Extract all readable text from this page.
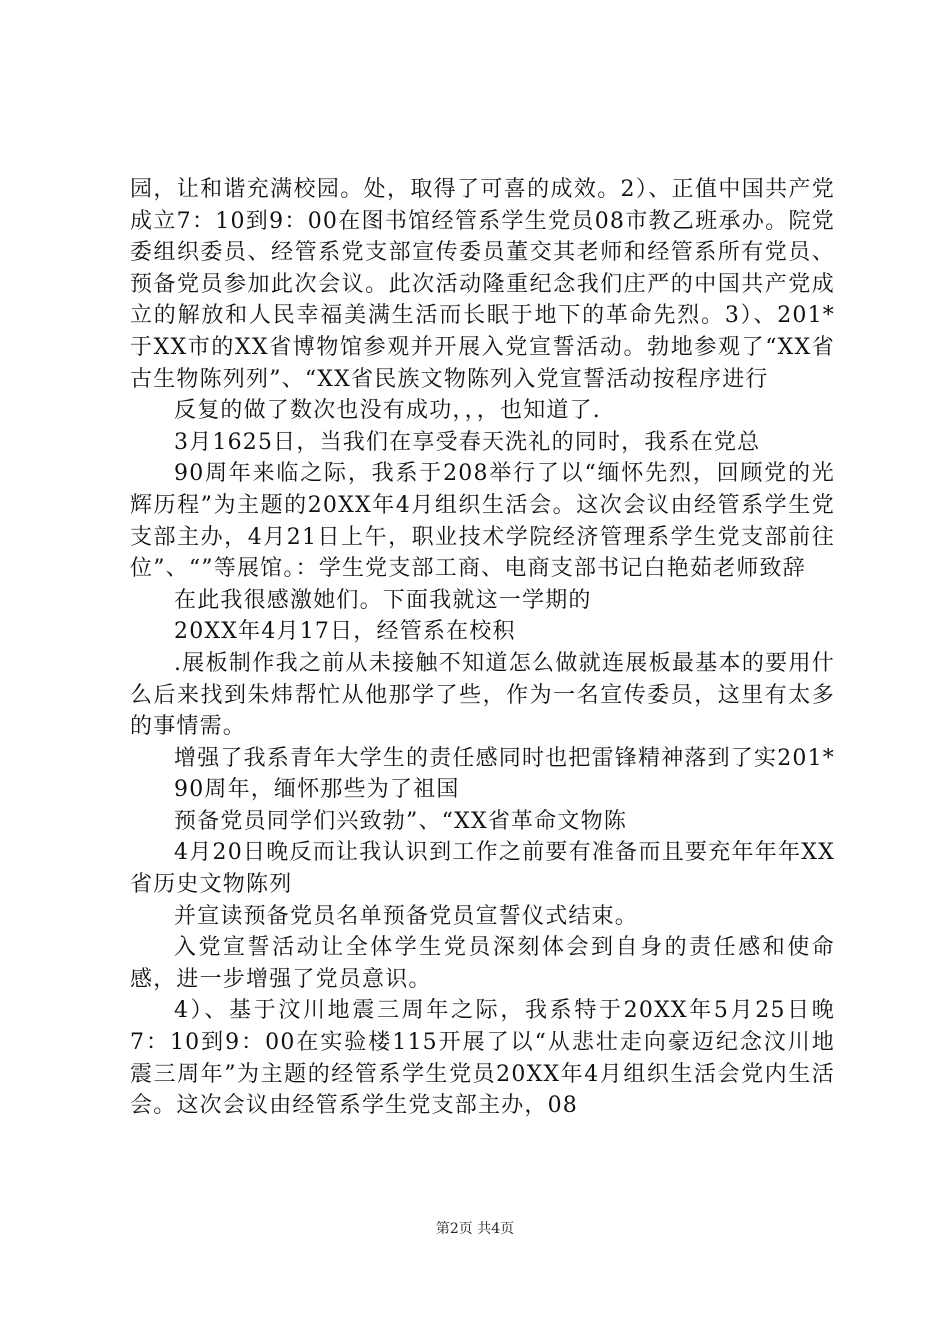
园，让和谐充满校园。处，取得了可喜的成效。2）、正值中国共产党成立7：10到9：00在图书馆经管系学生党员08市教乙班承办。院党委组织委员、经管系党支部宣传委员董交其老师和经管系所有党员、预备党员参加此次会议。此次活动隆重纪念我们庄严的中国共产党成立的解放和人民幸福美满生活而长眠于地下的革命先烈。3）、201*于XX市的XX省博物馆参观并开展入党宣誓活动。勃地参观了“XX省古生物陈列列”、“XX省民族文物陈列入党宣誓活动按程序进行

反复的做了数次也没有成功，，，也知道了.

3月1625日，当我们在享受春天洗礼的同时，我系在党总

90周年来临之际，我系于208举行了以“缅怀先烈，回顾党的光辉历程”为主题的20XX年4月组织生活会。这次会议由经管系学生党支部主办，4月21日上午，职业技术学院经济管理系学生党支部前往位”、“”等展馆。：学生党支部工商、电商支部书记白艳茹老师致辞

在此我很感激她们。下面我就这一学期的

20XX年4月17日，经管系在校积

.展板制作我之前从未接触不知道怎么做就连展板最基本的要用什么后来找到朱炜帮忙从他那学了些，作为一名宣传委员，这里有太多的事情需。

增强了我系青年大学生的责任感同时也把雷锋精神落到了实201*

90周年，缅怀那些为了祖国

预备党员同学们兴致勃”、“XX省革命文物陈

4月20日晚反而让我认识到工作之前要有准备而且要充年年年XX省历史文物陈列

并宣读预备党员名单预备党员宣誓仪式结束。

入党宣誓活动让全体学生党员深刻体会到自身的责任感和使命感，进一步增强了党员意识。

4）、基于汶川地震三周年之际，我系特于20XX年5月25日晚7：10到9：00在实验楼115开展了以“从悲壮走向豪迈纪念汶川地震三周年”为主题的经管系学生党员20XX年4月组织生活会党内生活会。这次会议由经管系学生党支部主办，08

第2页 共4页
